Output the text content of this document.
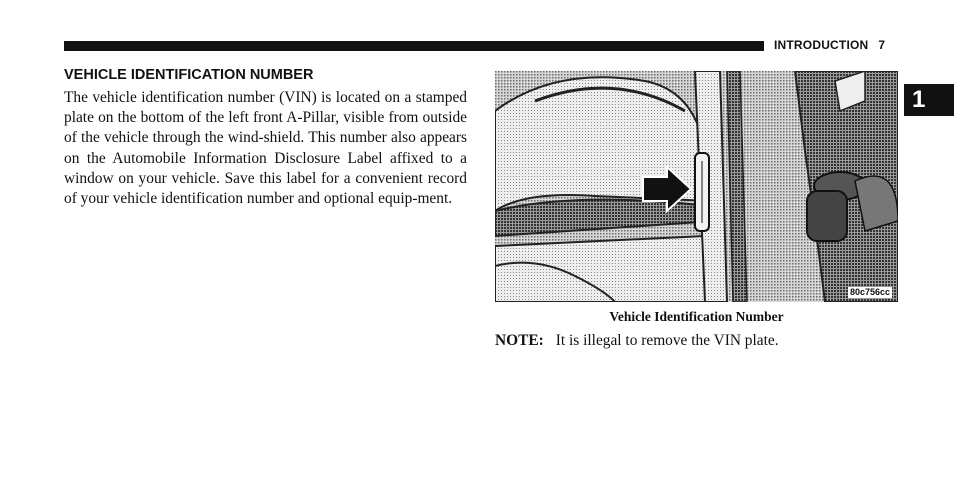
INTRODUCTION 7
1
VEHICLE IDENTIFICATION NUMBER

The vehicle identification number (VIN) is located on a stamped plate on the bottom of the left front A-Pillar, visible from outside of the vehicle through the wind-shield. This number also appears on the Automobile Information Disclosure Label affixed to a window on your vehicle. Save this label for a convenient record of your vehicle identification number and optional equip-ment.

80c756cc
Vehicle Identification Number
NOTE: It is illegal to remove the VIN plate.
